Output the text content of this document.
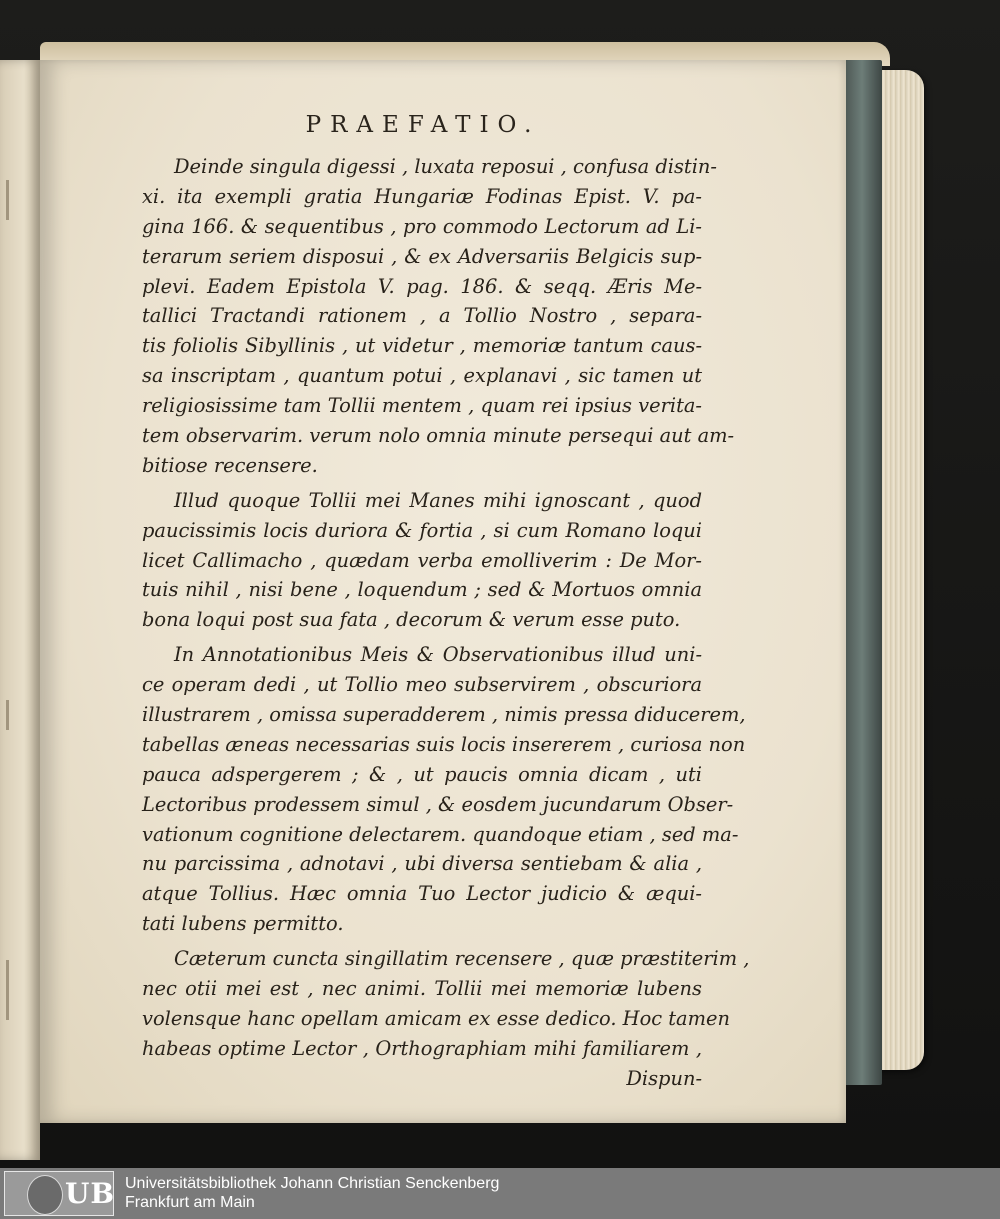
PRAEFATIO.
Deinde singula digessi , luxata reposui , confusa distin-
xi. ita exempli gratia Hungariæ Fodinas Epist. V. pa-
gina 166. & sequentibus , pro commodo Lectorum ad Li-
terarum seriem disposui , & ex Adversariis Belgicis sup-
plevi. Eadem Epistola V. pag. 186. & seqq. Æris Me-
tallici Tractandi rationem , a Tollio Nostro , separa-
tis foliolis Sibyllinis , ut videtur , memoriæ tantum caus-
sa inscriptam , quantum potui , explanavi , sic tamen ut
religiosissime tam Tollii mentem , quam rei ipsius verita-
tem observarim. verum nolo omnia minute persequi aut am-
bitiose recensere.
Illud quoque Tollii mei Manes mihi ignoscant , quod
paucissimis locis duriora & fortia , si cum Romano loqui
licet Callimacho , quædam verba emolliverim : De Mor-
tuis nihil , nisi bene , loquendum ; sed & Mortuos omnia
bona loqui post sua fata , decorum & verum esse puto.
In Annotationibus Meis & Observationibus illud uni-
ce operam dedi , ut Tollio meo subservirem , obscuriora
illustrarem , omissa superadderem , nimis pressa diducerem,
tabellas æneas necessarias suis locis insererem , curiosa non
pauca adspergerem ; & , ut paucis omnia dicam , uti
Lectoribus prodessem simul , & eosdem jucundarum Obser-
vationum cognitione delectarem. quandoque etiam , sed ma-
nu parcissima , adnotavi , ubi diversa sentiebam & alia ,
atque Tollius. Hæc omnia Tuo Lector judicio & æqui-
tati lubens permitto.
Cæterum cuncta singillatim recensere , quæ præstiterim ,
nec otii mei est , nec animi. Tollii mei memoriæ lubens
volensque hanc opellam amicam ex esse dedico. Hoc tamen
habeas optime Lector , Orthographiam mihi familiarem ,
Dispun-
UB Universitätsbibliothek Johann Christian Senckenberg
Frankfurt am Main
